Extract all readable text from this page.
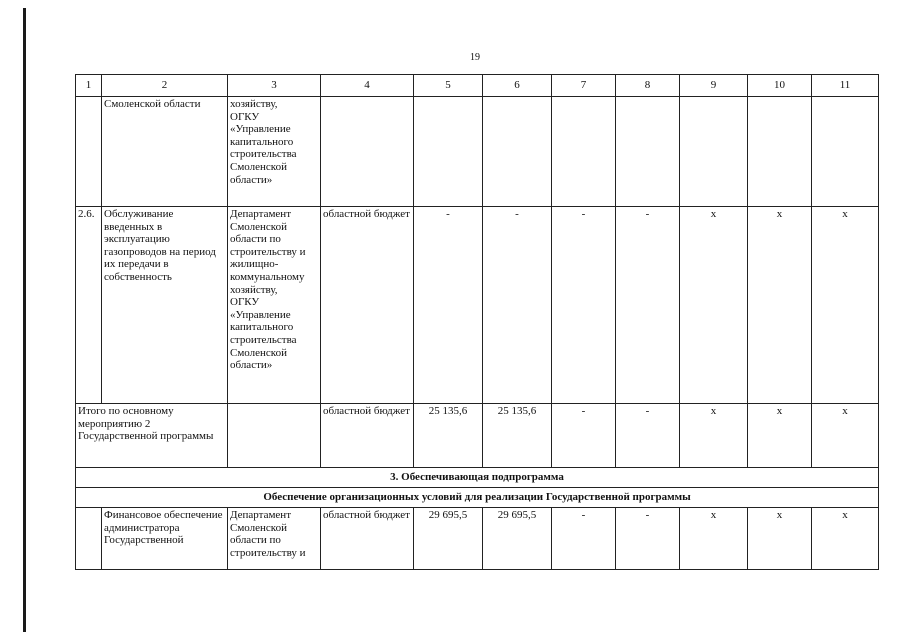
19
1	2	3	4	5	6	7	8	9	10	11
	Смоленской области	хозяйству,
ОГКУ
«Управление капитального строительства Смоленской области»								
2.6.	Обслуживание введенных в эксплуатацию газопроводов на период их передачи в собственность	Департамент Смоленской области по строительству и жилищно-коммунальному хозяйству,
ОГКУ
«Управление капитального строительства Смоленской области»	областной бюджет	-	-	-	-	х	х	х
Итого по основному мероприятию 2 Государственной программы			областной бюджет	25 135,6	25 135,6	-	-	х	х	х
3. Обеспечивающая подпрограмма										
Обеспечение организационных условий для реализации Государственной программы										
	Финансовое обеспечение администратора Государственной	Департамент Смоленской области по строительству и	областной бюджет	29 695,5	29 695,5	-	-	х	х	х
